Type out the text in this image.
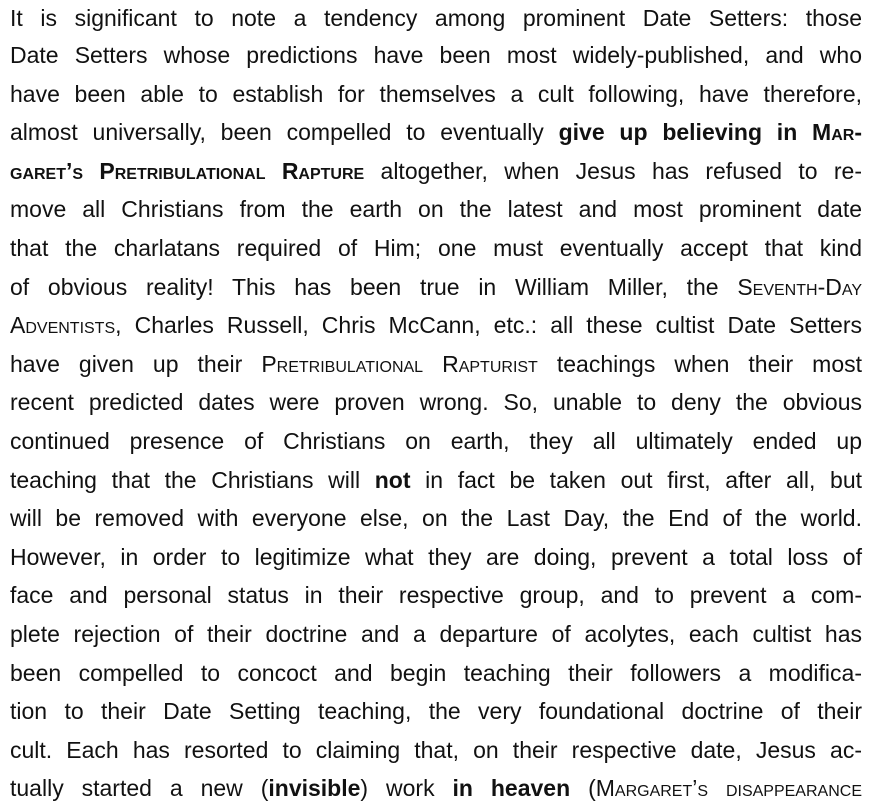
It is significant to note a tendency among prominent Date Setters: those
Date Setters whose predictions have been most widely-published, and who
have been able to establish for themselves a cult following, have therefore,
almost universally, been compelled to eventually give up believing in Mar-
garet’s Pretribulational Rapture altogether, when Jesus has refused to re-
move all Christians from the earth on the latest and most prominent date
that the charlatans required of Him; one must eventually accept that kind
of obvious reality! This has been true in William Miller, the Seventh-Day
Adventists, Charles Russell, Chris McCann, etc.: all these cultist Date Setters
have given up their Pretribulational Rapturist teachings when their most
recent predicted dates were proven wrong. So, unable to deny the obvious
continued presence of Christians on earth, they all ultimately ended up
teaching that the Christians will not in fact be taken out first, after all, but
will be removed with everyone else, on the Last Day, the End of the world.
However, in order to legitimize what they are doing, prevent a total loss of
face and personal status in their respective group, and to prevent a com-
plete rejection of their doctrine and a departure of acolytes, each cultist has
been compelled to concoct and begin teaching their followers a modifica-
tion to their Date Setting teaching, the very foundational doctrine of their
cult. Each has resorted to claiming that, on their respective date, Jesus ac-
tually started a new (invisible) work in heaven (Margaret’s disappearance
